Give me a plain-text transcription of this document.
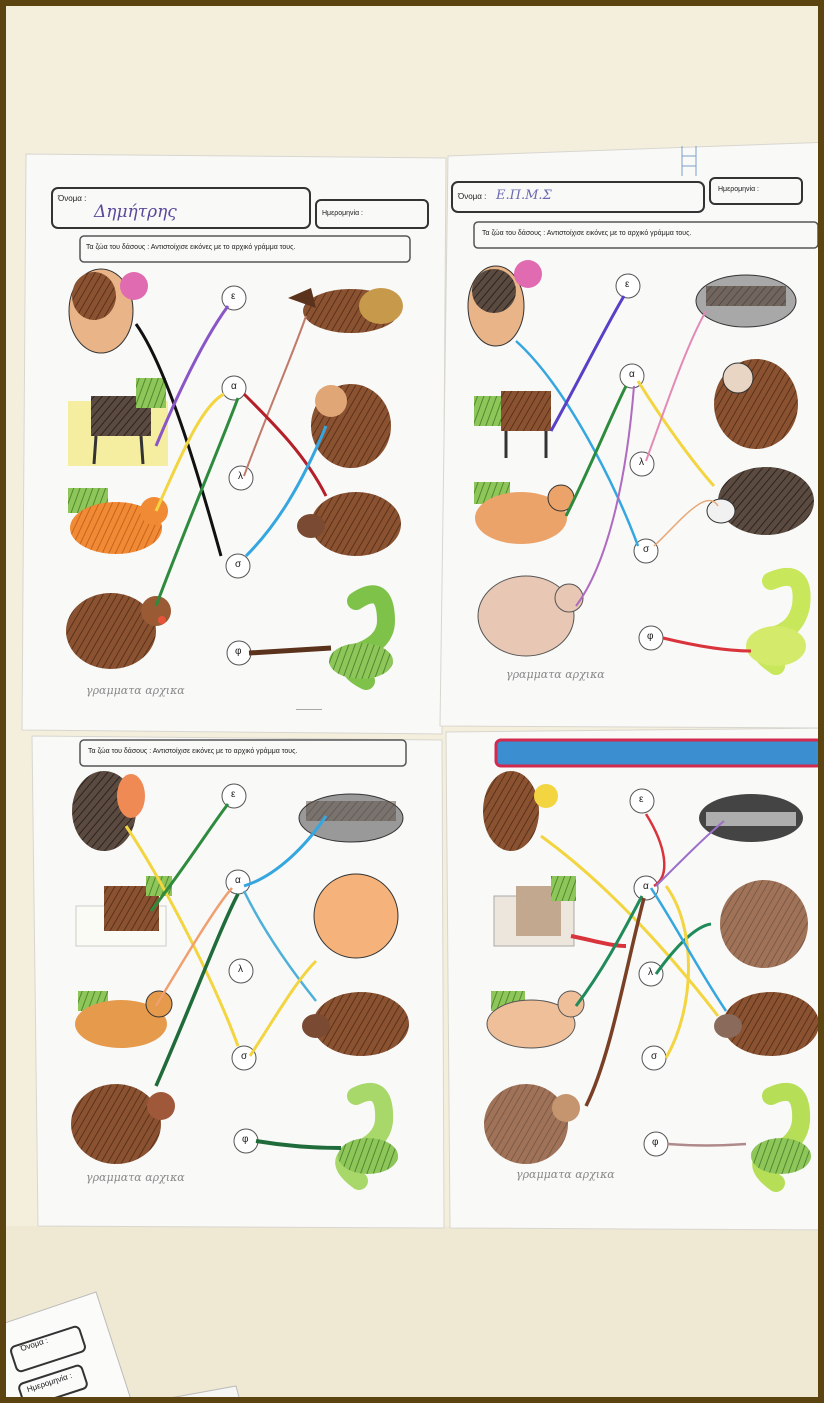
γραμματα αρχικα
-------------
γραμματα αρχικα
γραμματα αρχικα	γραμματα αρχικα
Όνομα :
Δημήτρης	Ημερομηνία :
Τα ζώα του δάσους : Αντιστοίχισε εικόνες με το αρχικό γράμμα τους.
Όνομα : Ε.Π.Μ.Σ	Ημερομηνία :
Τα ζώα του δάσους : Αντιστοίχισε εικόνες με το αρχικό γράμμα τους.
Τα ζώα του δάσους : Αντιστοίχισε εικόνες με το αρχικό γράμμα τους.
ε
α
λ
σ
φ
ε
α
λ
σ
φ
ε
α
λ
σ
φ
ε
α
λ
σ
φ
Όνομα :
Ημερομηνία :
